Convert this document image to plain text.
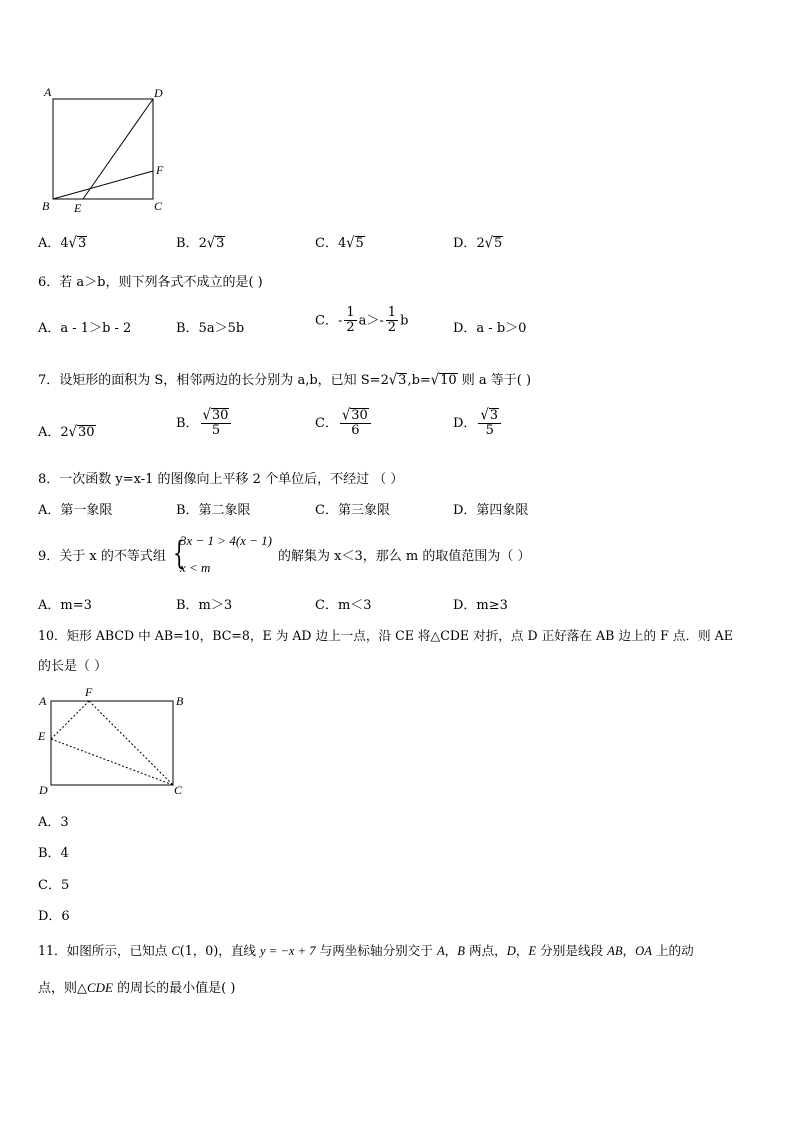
A	D
F
B E	C
A．4√3	B．2√3	C．4√5	D．2√5
6．若 a＞b，则下列各式不成立的是( )
A．a - 1＞b - 2	B．5a＞5b
C．- $\frac{1}{2} a>- \frac{1}{2}$ b
D．a - b＞0
7．设矩形的面积为 S，相邻两边的长分别为 a,b，已知 S=2√3,b=√10 则 a 等于( )
A．2√30
B． $\frac{√30}{5}$	C． $\frac{√30}{6}$	D． $\frac{√3}{5}$
8．一次函数 y=x-1 的图像向上平移 2 个单位后，不经过 （ ）
A．第一象限	B．第二象限	C．第三象限	D．第四象限
9．关于 x 的不等式组 {
3x − 1 > 4(x − 1)
x < m
的解集为 x＜3，那么 m 的取值范围为（ ）
A．m=3	B．m＞3	C．m＜3	D．m≥3
10．矩形 ABCD 中 AB=10，BC=8，E 为 AD 边上一点，沿 CE 将△CDE 对折，点 D 正好落在 AB 边上的 F 点．则 AE
的长是（ ）
A
F
B
E
D	C
A．3
B．4
C．5
D．6
11．如图所示，已知点 C(1，0)，直线 y = −x + 7 与两坐标轴分别交于 A，B 两点，D，E 分别是线段 AB，OA 上的动
点，则△CDE 的周长的最小值是( )
